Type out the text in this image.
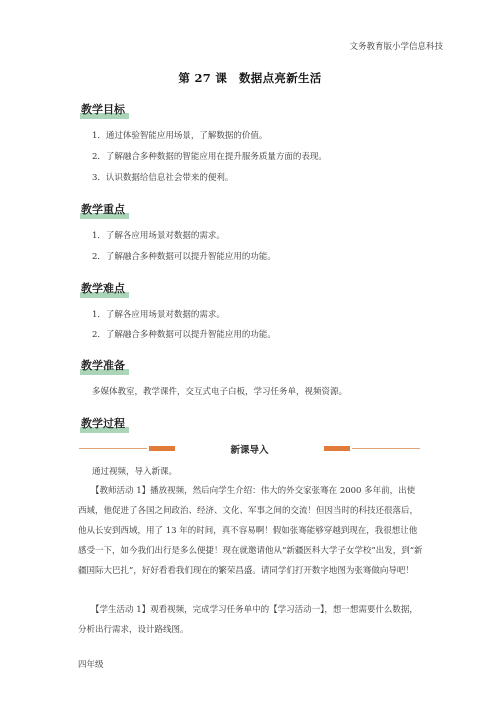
文务教育版小学信息科技
第 27 课　数据点亮新生活
教学目标
1．通过体验智能应用场景，了解数据的价值。
2．了解融合多种数据的智能应用在提升服务质量方面的表现。
3．认识数据给信息社会带来的便利。
教学重点
1．了解各应用场景对数据的需求。
2．了解融合多种数据可以提升智能应用的功能。
教学难点
1．了解各应用场景对数据的需求。
2．了解融合多种数据可以提升智能应用的功能。
教学准备
多媒体教室，教学课件，交互式电子白板，学习任务单，视频资源。
教学过程
新课导入
通过视频，导入新课。
【教师活动 1】播放视频，然后向学生介绍：伟大的外交家张骞在 2000 多年前，出使西域，他促进了各国之间政治、经济、文化、军事之间的交流！但因当时的科技还很落后，他从长安到西域，用了 13 年的时间，真不容易啊！假如张骞能够穿越到现在，我很想让他感受一下，如今我们出行是多么便捷！现在就邀请他从“新疆医科大学子女学校”出发，到“新疆国际大巴扎”，好好看看我们现在的繁荣昌盛。请同学们打开数字地图为张骞做向导吧！
【学生活动 1】观看视频，完成学习任务单中的【学习活动一】，想一想需要什么数据，分析出行需求，设计路线图。
四年级
